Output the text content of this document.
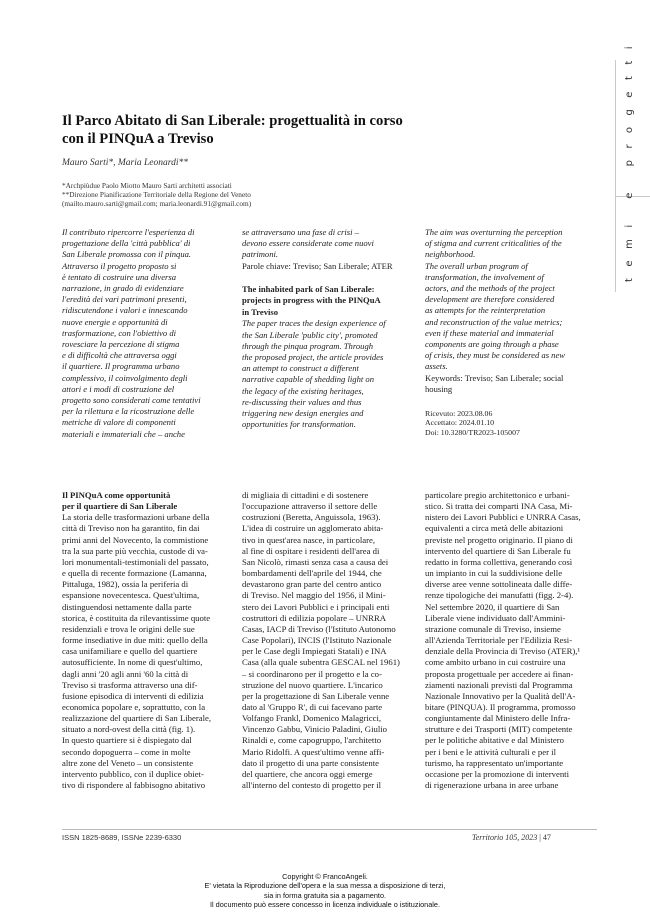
Il Parco Abitato di San Liberale: progettualità in corso
con il PINQuA a Treviso
Mauro Sarti*, Maria Leonardi**
*Archpiùdue Paolo Miotto Mauro Sarti architetti associati
**Direzione Pianificazione Territoriale della Regione del Veneto
(mailto.mauro.sarti@gmail.com; maria.leonardi.91@gmail.com)
Il contributo ripercorre l'esperienza di
progettazione della 'città pubblica' di
San Liberale promossa con il pinqua.
Attraverso il progetto proposto si
è tentato di costruire una diversa
narrazione, in grado di evidenziare
l'eredità dei vari patrimoni presenti,
ridiscutendone i valori e innescando
nuove energie e opportunità di
trasformazione, con l'obiettivo di
rovesciare la percezione di stigma
e di difficoltà che attraversa oggi
il quartiere. Il programma urbano
complessivo, il coinvolgimento degli
attori e i modi di costruzione del
progetto sono considerati come tentativi
per la rilettura e la ricostruzione delle
metriche di valore di componenti
materiali e immateriali che – anche
se attraversano una fase di crisi –
devono essere considerate come nuovi
patrimoni.
Parole chiave: Treviso; San Liberale; ATER
The inhabited park of San Liberale:
projects in progress with the PINQuA
in Treviso
The paper traces the design experience of
the San Liberale 'public city', promoted
through the pinqua program. Through
the proposed project, the article provides
an attempt to construct a different
narrative capable of shedding light on
the legacy of the existing heritages,
re-discussing their values and thus
triggering new design energies and
opportunities for transformation.
The aim was overturning the perception
of stigma and current criticalities of the
neighborhood.
The overall urban program of
transformation, the involvement of
actors, and the methods of the project
development are therefore considered
as attempts for the reinterpretation
and reconstruction of the value metrics;
even if these material and immaterial
components are going through a phase
of crisis, they must be considered as new
assets.
Keywords: Treviso; San Liberale; social
housing
Ricevuto: 2023.08.06
Accettato: 2024.01.10
Doi: 10.3280/TR2023-105007
temi e progetti
Il PINQuA come opportunità
per il quartiere di San Liberale
La storia delle trasformazioni urbane della
città di Treviso non ha garantito, fin dai
primi anni del Novecento, la commistione
tra la sua parte più vecchia, custode di va-
lori monumentali-testimoniali del passato,
e quella di recente formazione (Lamanna,
Pittaluga, 1982), ossia la periferia di
espansione novecentesca. Quest'ultima,
distinguendosi nettamente dalla parte
storica, è costituita da rilevantissime quote
residenziali e trova le origini delle sue
forme insediative in due miti: quello della
casa unifamiliare e quello del quartiere
autosufficiente. In nome di quest'ultimo,
dagli anni '20 agli anni '60 la città di
Treviso si trasforma attraverso una dif-
fusione episodica di interventi di edilizia
economica popolare e, soprattutto, con la
realizzazione del quartiere di San Liberale,
situato a nord-ovest della città (fig. 1).
In questo quartiere si è dispiegato dal
secondo dopoguerra – come in molte
altre zone del Veneto – un consistente
intervento pubblico, con il duplice obiet-
tivo di rispondere al fabbisogno abitativo
di migliaia di cittadini e di sostenere
l'occupazione attraverso il settore delle
costruzioni (Beretta, Anguissola, 1963).
L'idea di costruire un agglomerato abita-
tivo in quest'area nasce, in particolare,
al fine di ospitare i residenti dell'area di
San Nicolò, rimasti senza casa a causa dei
bombardamenti dell'aprile del 1944, che
devastarono gran parte del centro antico
di Treviso. Nel maggio del 1956, il Mini-
stero dei Lavori Pubblici e i principali enti
costruttori di edilizia popolare – UNRRA
Casas, IACP di Treviso (l'Istituto Autonomo
Case Popolari), INCIS (l'Istituto Nazionale
per le Case degli Impiegati Statali) e INA
Casa (alla quale subentra GESCAL nel 1961)
– si coordinarono per il progetto e la co-
struzione del nuovo quartiere. L'incarico
per la progettazione di San Liberale venne
dato al 'Gruppo R', di cui facevano parte
Volfango Frankl, Domenico Malagricci,
Vincenzo Gabbu, Vinicio Paladini, Giulio
Rinaldi e, come capogruppo, l'architetto
Mario Ridolfi. A quest'ultimo venne affi-
dato il progetto di una parte consistente
del quartiere, che ancora oggi emerge
all'interno del contesto di progetto per il
particolare pregio architettonico e urbani-
stico. Si tratta dei comparti INA Casa, Mi-
nistero dei Lavori Pubblici e UNRRA Casas,
equivalenti a circa metà delle abitazioni
previste nel progetto originario. Il piano di
intervento del quartiere di San Liberale fu
redatto in forma collettiva, generando così
un impianto in cui la suddivisione delle
diverse aree venne sottolineata dalle diffe-
renze tipologiche dei manufatti (figg. 2-4).
Nel settembre 2020, il quartiere di San
Liberale viene individuato dall'Ammini-
strazione comunale di Treviso, insieme
all'Azienda Territoriale per l'Edilizia Resi-
denziale della Provincia di Treviso (ATER),¹
come ambito urbano in cui costruire una
proposta progettuale per accedere ai finan-
ziamenti nazionali previsti dal Programma
Nazionale Innovativo per la Qualità dell'A-
bitare (PINQUA). Il programma, promosso
congiuntamente dal Ministero delle Infra-
strutture e dei Trasporti (MIT) competente
per le politiche abitative e dal Ministero
per i beni e le attività culturali e per il
turismo, ha rappresentato un'importante
occasione per la promozione di interventi
di rigenerazione urbana in aree urbane
ISSN 1825-8689, ISSNe 2239-6330	Territorio 105, 2023 | 47
Copyright © FrancoAngeli.
E' vietata la Riproduzione dell'opera e la sua messa a disposizione di terzi,
sia in forma gratuita sia a pagamento.
Il documento può essere concesso in licenza individuale o istituzionale.
